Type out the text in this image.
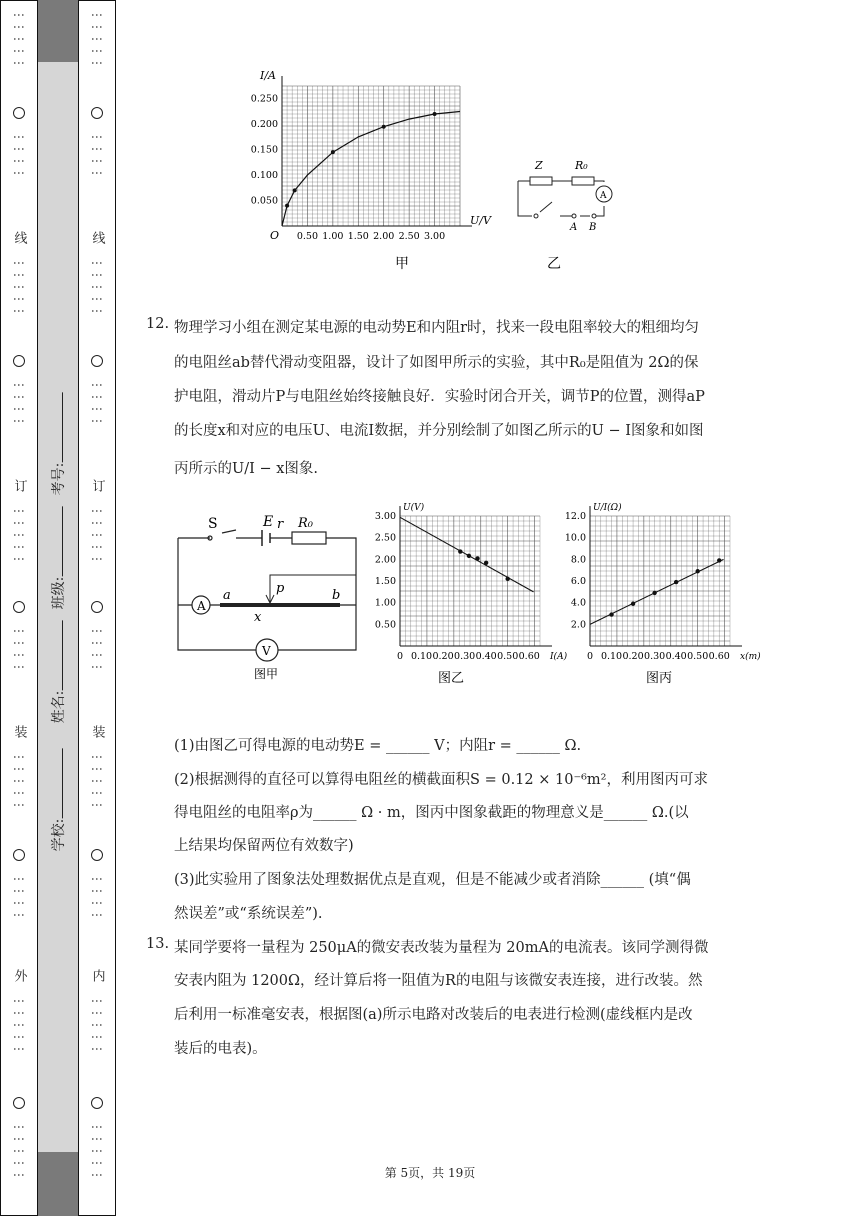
⋮⋮⋮⋮⋮
⋮⋮⋮⋮
线
⋮⋮⋮⋮⋮
⋮⋮⋮⋮
订
⋮⋮⋮⋮⋮
⋮⋮⋮⋮
装
⋮⋮⋮⋮⋮
⋮⋮⋮⋮
外
⋮⋮⋮⋮⋮
⋮⋮⋮⋮⋮
学校:
姓名:
班级:
考号:
⋮⋮⋮⋮⋮
⋮⋮⋮⋮
线
⋮⋮⋮⋮⋮
⋮⋮⋮⋮
订
⋮⋮⋮⋮⋮
⋮⋮⋮⋮
装
⋮⋮⋮⋮⋮
⋮⋮⋮⋮
内
⋮⋮⋮⋮⋮
⋮⋮⋮⋮⋮
0.50 1.00 1.50 2.00 2.50 3.00
0.050
0.100
0.150
0.200
0.250
I/A
U/V
O
甲	乙
Z	R₀
A
A B
12. 物理学习小组在测定某电源的电动势E和内阻r时，找来一段电阻率较大的粗细均匀
的电阻丝ab替代滑动变阻器，设计了如图甲所示的实验，其中R₀是阻值为 2Ω的保
护电阻，滑动片P与电阻丝始终接触良好．实验时闭合开关，调节P的位置，测得aP
的长度x和对应的电压U、电流I数据，并分别绘制了如图乙所示的U − I图象和如图
丙所示的U/I − x图象.
S	E r R₀
A
V
a	b
p
x
图甲
0 0.10 0.20 0.30 0.40 0.50 0.60
0.50
1.00
1.50
2.00
2.50
3.00
I(A)
U(V)
图乙
0 0.10 0.20 0.30 0.40 0.50 0.60
2.0
4.0
6.0
8.0
10.0
12.0
x(m)
U/I(Ω)
图丙
(1)由图乙可得电源的电动势E = ______ V；内阻r = ______ Ω.
(2)根据测得的直径可以算得电阻丝的横截面积S = 0.12 × 10⁻⁶m²，利用图丙可求
得电阻丝的电阻率ρ为______ Ω · m，图丙中图象截距的物理意义是______ Ω.(以
上结果均保留两位有效数字)
(3)此实验用了图象法处理数据优点是直观，但是不能减少或者消除______ (填“偶
然误差”或“系统误差”).
13. 某同学要将一量程为 250μA的微安表改装为量程为 20mA的电流表。该同学测得微
安表内阻为 1200Ω，经计算后将一阻值为R的电阻与该微安表连接，进行改装。然
后利用一标准毫安表，根据图(a)所示电路对改装后的电表进行检测(虚线框内是改
装后的电表)。
第 5页，共 19页
